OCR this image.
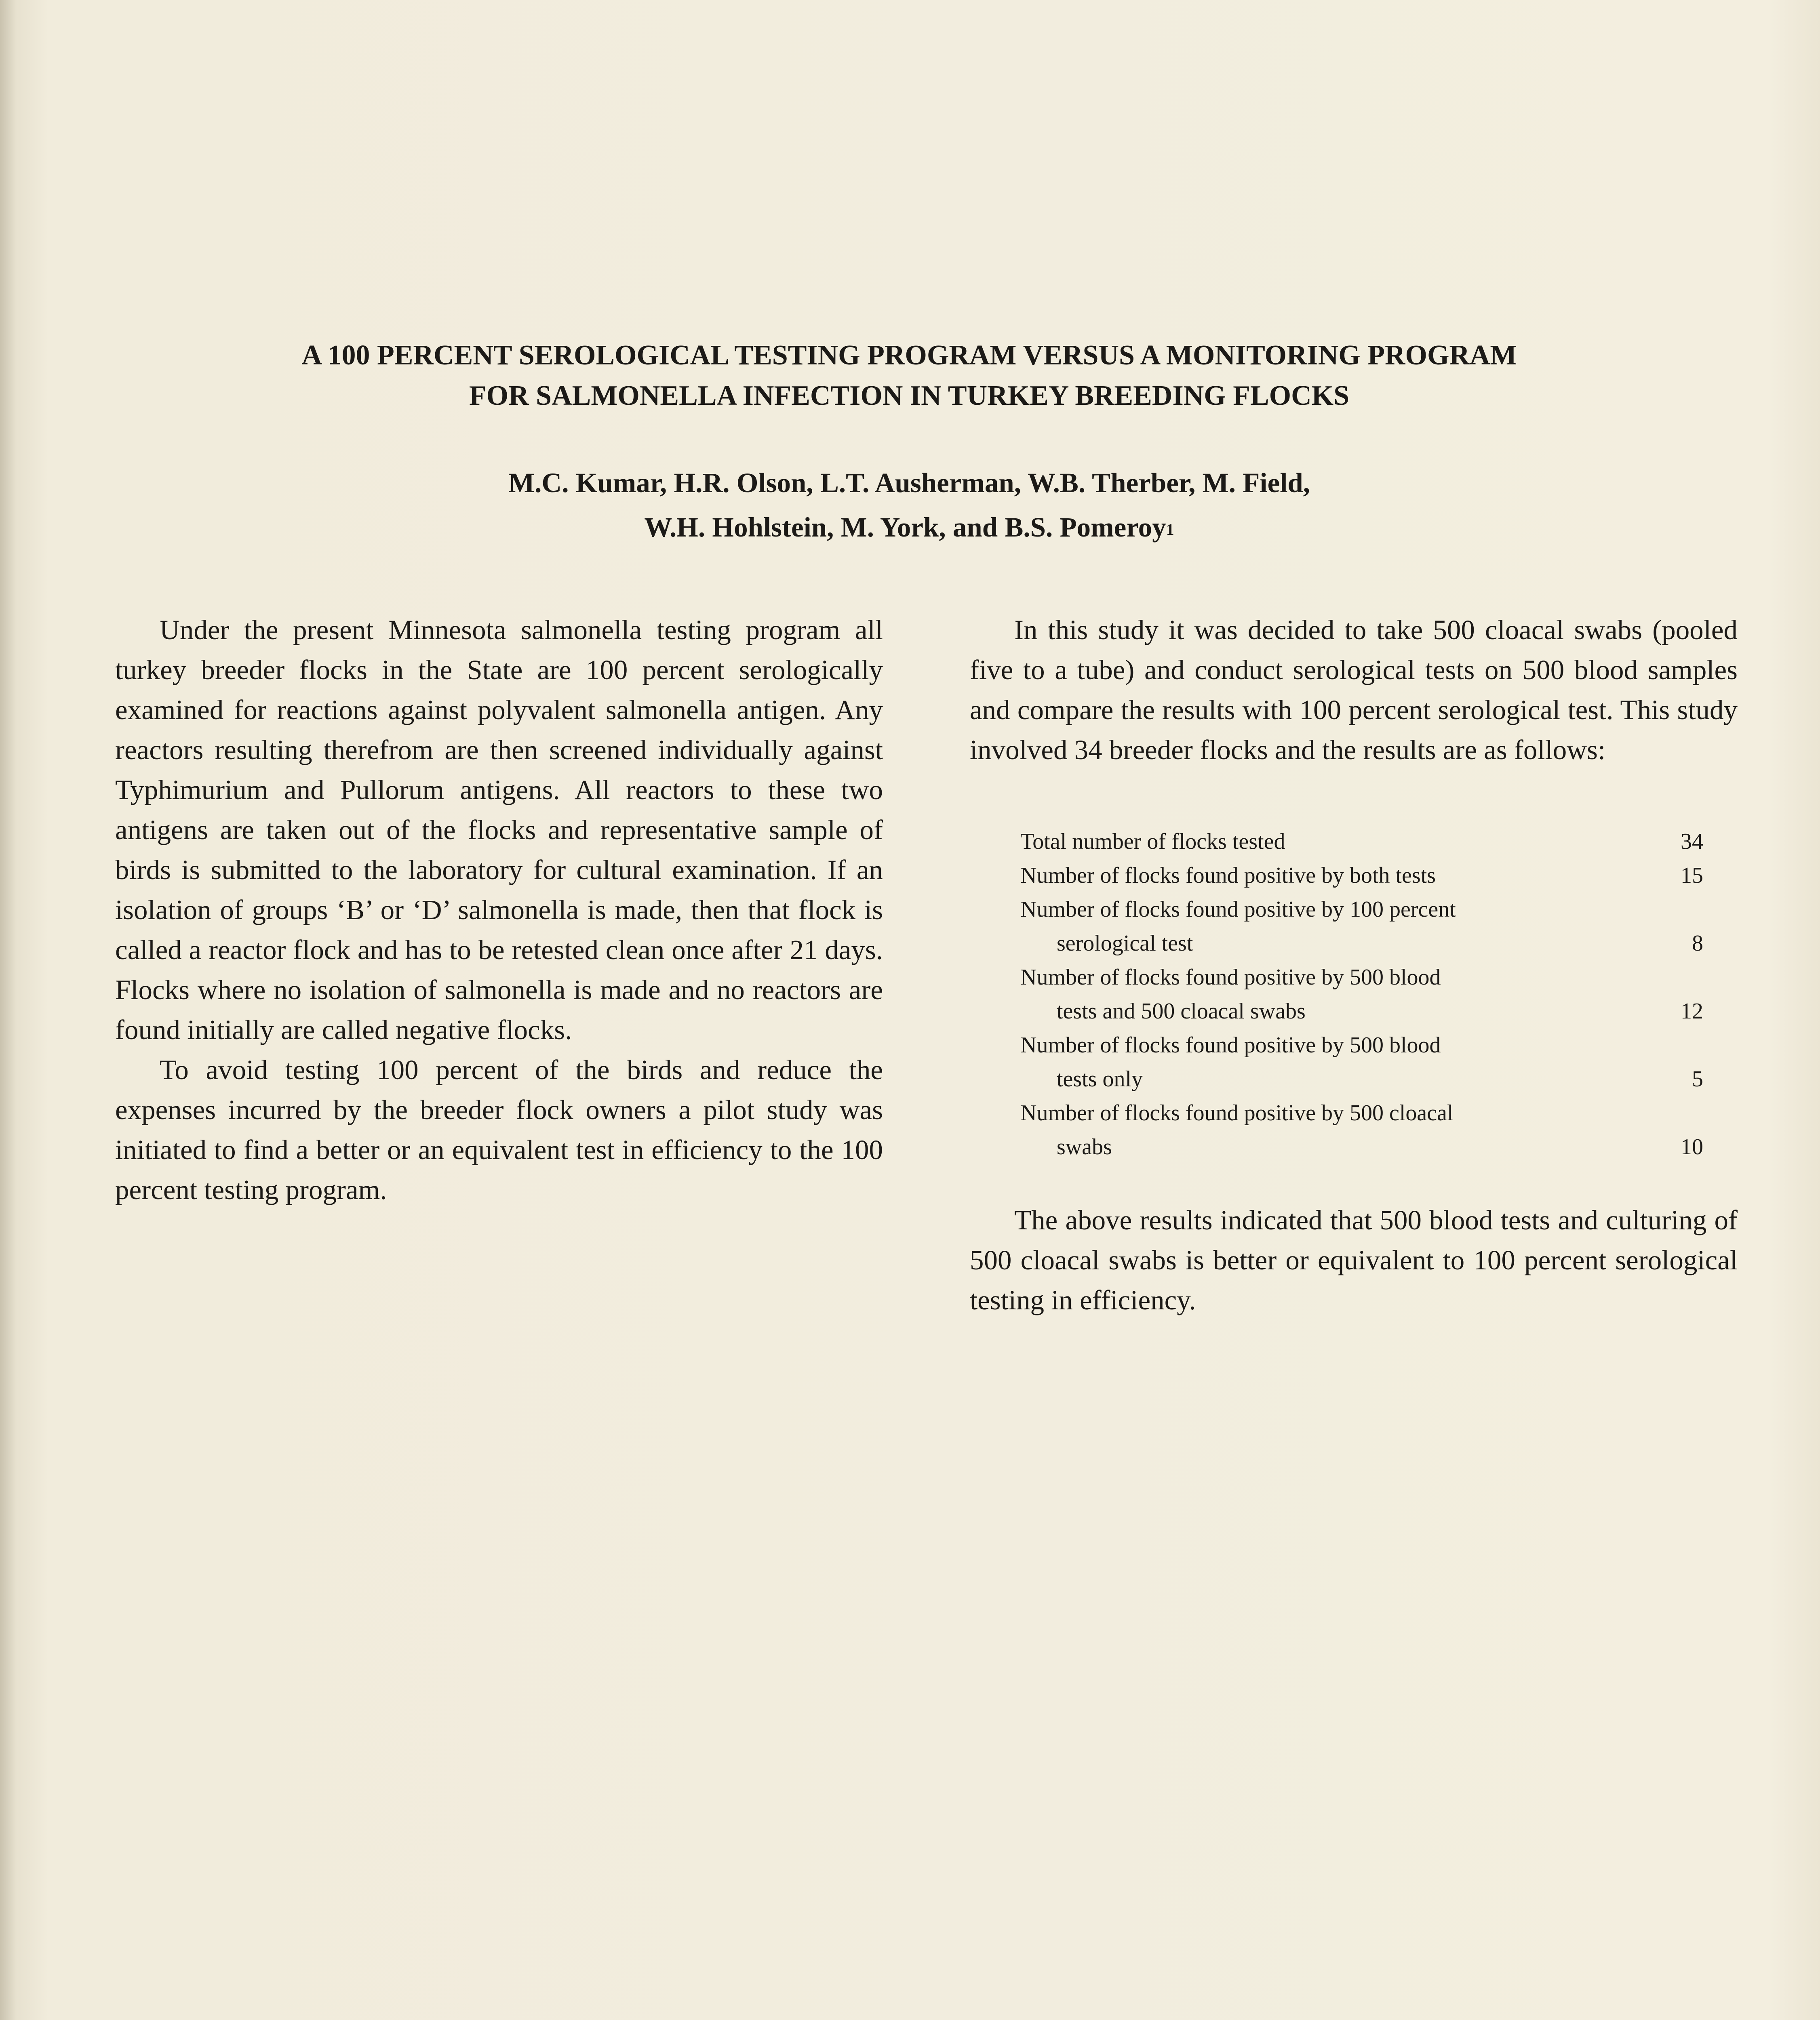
A 100 PERCENT SEROLOGICAL TESTING PROGRAM VERSUS A MONITORING PROGRAM
FOR SALMONELLA INFECTION IN TURKEY BREEDING FLOCKS

M.C. Kumar, H.R. Olson, L.T. Ausherman, W.B. Therber, M. Field,
W.H. Hohlstein, M. York, and B.S. Pomeroy$^1$

Under the present Minnesota salmonella testing program all turkey breeder flocks in the State are 100 percent serologically examined for reactions against polyvalent salmonella antigen. Any reactors resulting therefrom are then screened individually against Typhimurium and Pullorum antigens. All reactors to these two antigens are taken out of the flocks and representative sample of birds is submitted to the laboratory for cultural examination. If an isolation of groups ‘B’ or ‘D’ salmonella is made, then that flock is called a reactor flock and has to be retested clean once after 21 days. Flocks where no isolation of salmonella is made and no reactors are found initially are called negative flocks.

To avoid testing 100 percent of the birds and reduce the expenses incurred by the breeder flock owners a pilot study was initiated to find a better or an equivalent test in efficiency to the 100 percent testing program.

In this study it was decided to take 500 cloacal swabs (pooled five to a tube) and conduct serological tests on 500 blood samples and compare the results with 100 percent serological test. This study involved 34 breeder flocks and the results are as follows:

Total number of flocks tested	34
Number of flocks found positive by both tests	15
Number of flocks found positive by 100 percent
serological test	8
Number of flocks found positive by 500 blood
tests and 500 cloacal swabs	12
Number of flocks found positive by 500 blood
tests only	5
Number of flocks found positive by 500 cloacal
swabs	10

The above results indicated that 500 blood tests and culturing of 500 cloacal swabs is better or equivalent to 100 percent serological testing in efficiency.
